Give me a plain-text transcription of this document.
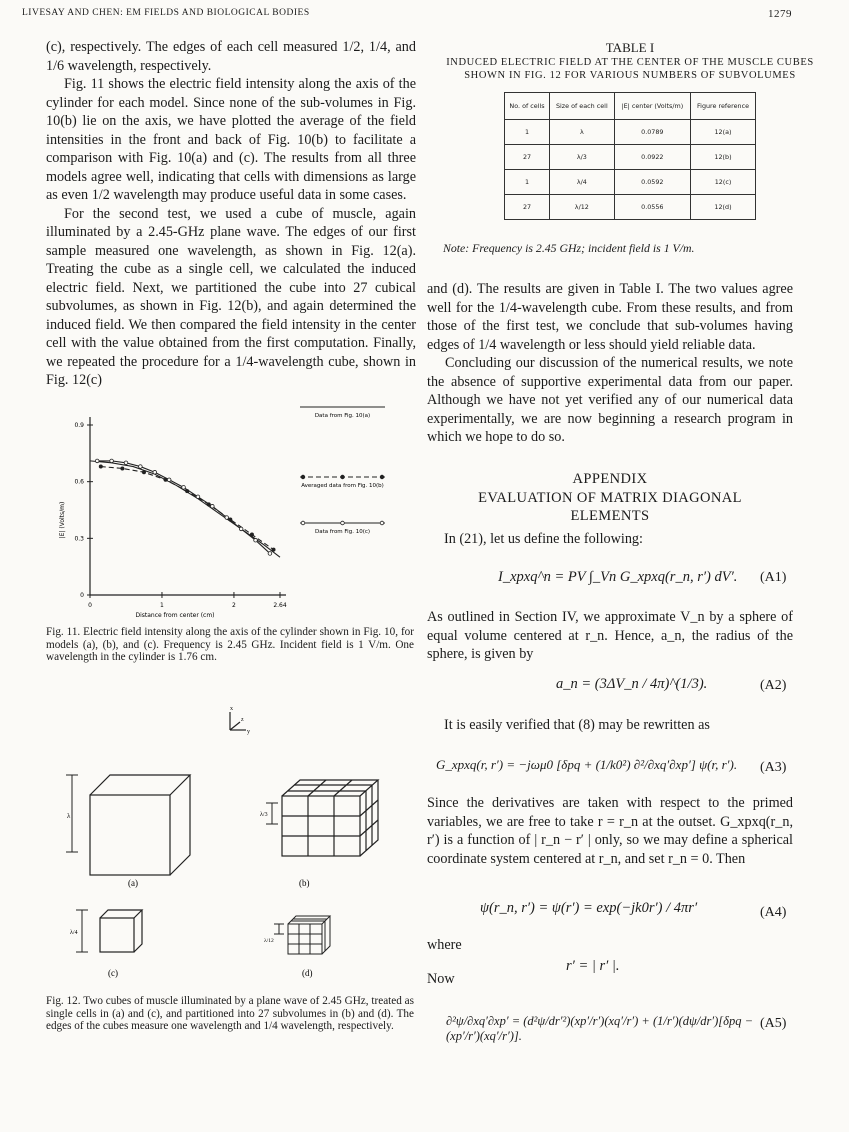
LIVESAY AND CHEN: EM FIELDS AND BIOLOGICAL BODIES	1279

(c), respectively. The edges of each cell measured 1/2, 1/4, and 1/6 wavelength, respectively.

Fig. 11 shows the electric field intensity along the axis of the cylinder for each model. Since none of the sub-volumes in Fig. 10(b) lie on the axis, we have plotted the average of the field intensities in the front and back of Fig. 10(b) to facilitate a comparison with Fig. 10(a) and (c). The results from all three models agree well, indicating that cells with dimensions as large as even 1/2 wavelength may produce useful data in some cases.

For the second test, we used a cube of muscle, again illuminated by a 2.45-GHz plane wave. The edges of our first sample measured one wavelength, as shown in Fig. 12(a). Treating the cube as a single cell, we calculated the induced electric field. Next, we partitioned the cube into 27 cubical subvolumes, as shown in Fig. 12(b), and again determined the induced field. We then compared the field intensity in the center cell with the value obtained from the first computation. Finally, we repeated the procedure for a 1/4-wavelength cube, shown in Fig. 12(c)

0
0.3
0.6
0.9
0	1	2	2.64
Distance from center (cm)
|E| (Volts/m)
Data from Fig. 10(a)
Averaged data from Fig. 10(b)
Data from Fig. 10(c)
Fig. 11. Electric field intensity along the axis of the cylinder shown in Fig. 10, for models (a), (b), and (c). Frequency is 2.45 GHz. Incident field is 1 V/m. One wavelength in the cylinder is 1.76 cm.
x
y
z
λ
(a)
λ/3
(b)
λ/4
(c)
λ/12
(d)
Fig. 12. Two cubes of muscle illuminated by a plane wave of 2.45 GHz, treated as single cells in (a) and (c), and partitioned into 27 subvolumes in (b) and (d). The edges of the cubes measure one wavelength and 1/4 wavelength, respectively.
TABLE I
INDUCED ELECTRIC FIELD AT THE CENTER OF THE MUSCLE CUBES
SHOWN IN FIG. 12 FOR VARIOUS NUMBERS OF SUBVOLUMES
No. of cells	Size of each cell	|E| center (Volts/m)	Figure reference
1	λ	0.0789	12(a)
27	λ/3	0.0922	12(b)
1	λ/4	0.0592	12(c)
27	λ/12	0.0556	12(d)
Note: Frequency is 2.45 GHz; incident field is 1 V/m.

and (d). The results are given in Table I. The two values agree well for the 1/4-wavelength cube. From these results, and from those of the first test, we conclude that sub-volumes having edges of 1/4 wavelength or less should yield reliable data.

Concluding our discussion of the numerical results, we note the absence of supportive experimental data from our paper. Although we have not yet verified any of our numerical data experimentally, we are now beginning a research program in which we hope to do so.

APPENDIX
EVALUATION OF MATRIX DIAGONAL
ELEMENTS
In (21), let us define the following:
I_xpxq^n = PV ∫_Vn G_xpxq(r_n, r′) dV′. (A1)
As outlined in Section IV, we approximate V_n by a sphere of equal volume centered at r_n. Hence, a_n, the radius of the sphere, is given by
a_n = (3ΔV_n / 4π)^(1/3).	(A2)
It is easily verified that (8) may be rewritten as
G_xpxq(r, r′) = −jωμ0 [δpq + (1/k0²) ∂²/∂xq′∂xp′] ψ(r, r′).	(A3)
Since the derivatives are taken with respect to the primed variables, we are free to take r = r_n at the outset. G_xpxq(r_n, r′) is a function of | r_n − r′ | only, so we may define a spherical coordinate system centered at r_n, and set r_n = 0. Then
ψ(r_n, r′) = ψ(r′) = exp(−jk0r′) / 4πr′	(A4)
where
r′ = | r′ |.
Now
∂²ψ/∂xq′∂xp′ = (d²ψ/dr′²)(xp′/r′)(xq′/r′) + (1/r′)(dψ/dr′)[δpq − (xp′/r′)(xq′/r′)].
(A5)
